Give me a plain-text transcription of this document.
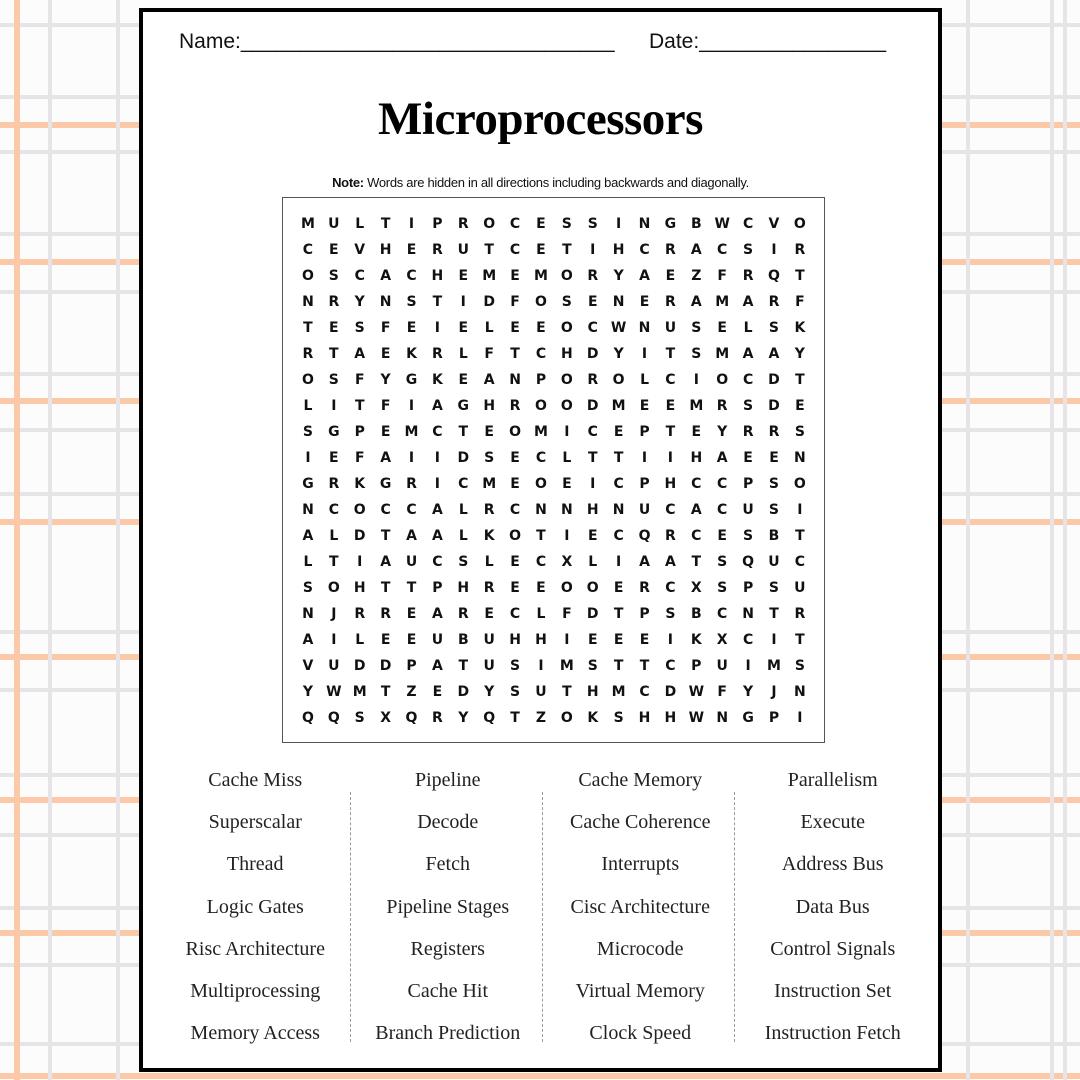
Name:________________________________ Date:________________
Microprocessors
Note: Words are hidden in all directions including backwards and diagonally.
M U	L	T	I	P	R	O	C	E	S	S	I	N	G	B W C	V	O
C	E	V	H	E	R	U	T	C	E	T	I	H	C	R	A	C	S	I	R
O	S	C	A	C	H	E	M	E	M O	R	Y	A	E	Z	F	R	Q	T
N	R	Y	N	S	T	I	D	F	O	S	E	N	E	R	A M A	R	F
T	E	S	F	E	I	E	L	E	E	O	C W N	U	S	E	L	S	K
R	T	A	E	K	R	L	F	T	C	H	D	Y	I	T	S M A	A	Y
O	S	F	Y	G	K	E	A	N	P	O	R	O	L	C	I	O	C	D	T
L	I	T	F	I	A	G	H	R	O O	D M	E	E	M R	S	D	E
S	G	P	E	M C	T	E	O M	I	C	E	P	T	E	Y	R	R	S
I	E	F	A	I	I	D	S	E	C	L	T	T	I	I	H	A	E	E	N
G	R	K	G	R	I	C M	E	O	E	I	C	P	H	C	C	P	S	O
N	C	O	C	C	A	L	R	C	N	N	H	N	U	C	A	C	U	S	I
A	L	D	T	A	A	L	K	O	T	I	E	C	Q	R	C	E	S	B	T
L	T	I	A	U	C	S	L	E	C	X	L	I	A	A	T	S	Q	U	C
S	O	H	T	T	P	H	R	E	E	O O	E	R	C	X	S	P	S	U
N	J	R	R	E	A	R	E	C	L	F	D	T	P	S	B	C	N	T	R
A	I	L	E	E	U	B	U	H	H	I	E	E	E	I	K	X	C	I	T
V	U	D	D	P	A	T	U	S	I	M S	T	T	C	P	U	I	M S
Y W M	T	Z	E	D	Y	S	U	T	H M C	D W F	Y	J	N
Q Q	S	X	Q	R	Y	Q	T	Z	O	K	S	H	H W N	G	P	I
Cache Miss
Superscalar
Thread
Logic Gates
Risc Architecture
Multiprocessing
Memory Access
Pipeline
Decode
Fetch
Pipeline Stages
Registers
Cache Hit
Branch Prediction
Cache Memory
Cache Coherence
Interrupts
Cisc Architecture
Microcode
Virtual Memory
Clock Speed
Parallelism
Execute
Address Bus
Data Bus
Control Signals
Instruction Set
Instruction Fetch
